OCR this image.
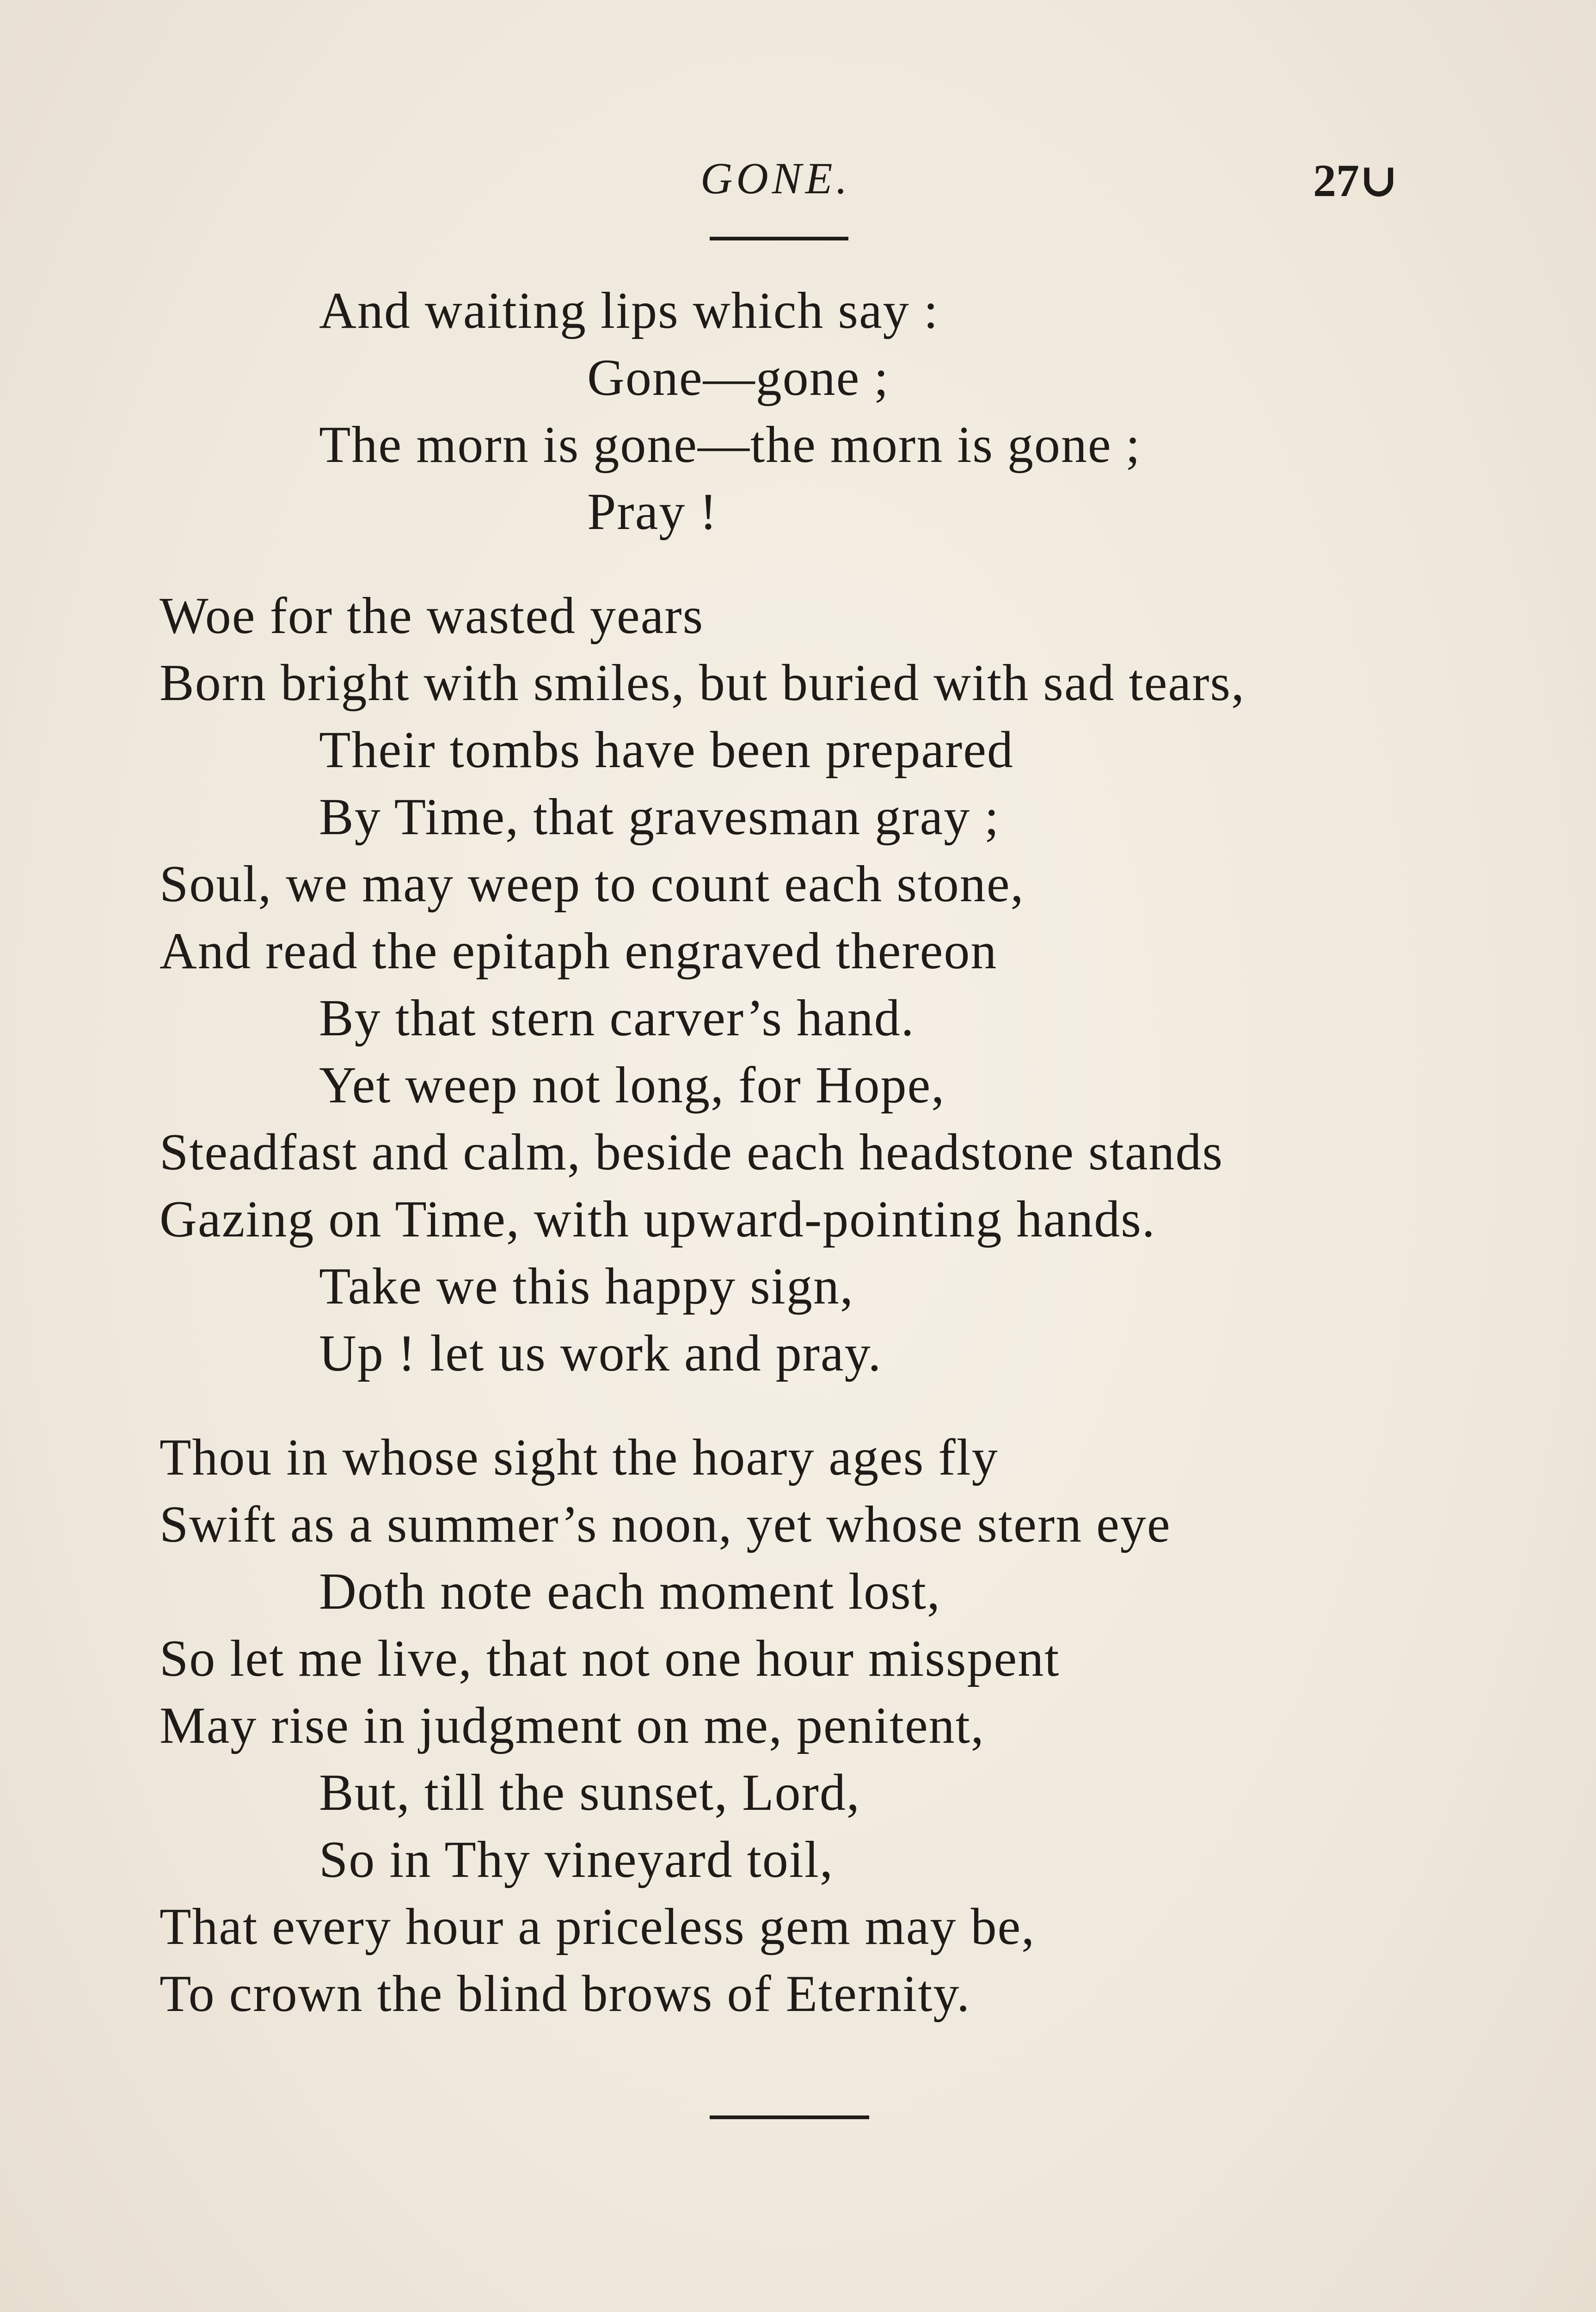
GONE.	27∪
And waiting lips which say :
Gone—gone ;
The morn is gone—the morn is gone ;
Pray !
Woe for the wasted years
Born bright with smiles, but buried with sad tears,
Their tombs have been prepared
By Time, that gravesman gray ;
Soul, we may weep to count each stone,
And read the epitaph engraved thereon
By that stern carver’s hand.
Yet weep not long, for Hope,
Steadfast and calm, beside each headstone stands
Gazing on Time, with upward-pointing hands.
Take we this happy sign,
Up ! let us work and pray.
Thou in whose sight the hoary ages fly
Swift as a summer’s noon, yet whose stern eye
Doth note each moment lost,
So let me live, that not one hour misspent
May rise in judgment on me, penitent,
But, till the sunset, Lord,
So in Thy vineyard toil,
That every hour a priceless gem may be,
To crown the blind brows of Eternity.
